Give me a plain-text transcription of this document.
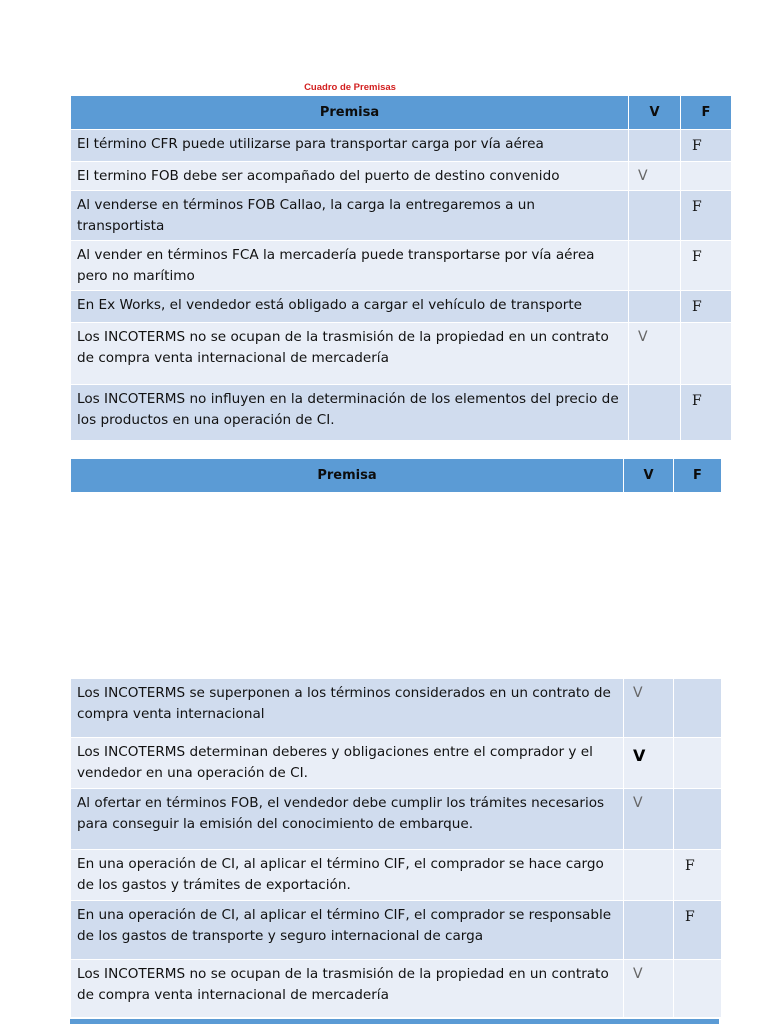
Cuadro de Premisas
Premisa	V	F
El término CFR puede utilizarse para transportar carga por vía aérea		F
El termino FOB debe ser acompañado del puerto de destino convenido	V	
Al venderse en términos FOB Callao, la carga la entregaremos a un transportista		F
Al vender en términos FCA la mercadería puede transportarse por vía aérea pero no marítimo		F
En Ex Works, el vendedor está obligado a cargar el vehículo de transporte		F
Los INCOTERMS no se ocupan de la trasmisión de la propiedad en un contrato de compra venta internacional de mercadería	V	
Los INCOTERMS no influyen en la determinación de los elementos del precio de los productos en una operación de CI.		F
Premisa	V	F
Los INCOTERMS se superponen a los términos considerados en un contrato de compra venta internacional	V	
Los INCOTERMS determinan deberes y obligaciones entre el comprador y el vendedor en una operación de CI.	V	
Al ofertar en términos FOB, el vendedor debe cumplir los trámites necesarios para conseguir la emisión del conocimiento de embarque.	V	
En una operación de CI, al aplicar el término CIF, el comprador se hace cargo de los gastos y trámites de exportación.		F
En una operación de CI, al aplicar el término CIF, el comprador se responsable de los gastos de transporte y seguro internacional de carga		F
Los INCOTERMS no se ocupan de la trasmisión de la propiedad en un contrato de compra venta internacional de mercadería	V	
